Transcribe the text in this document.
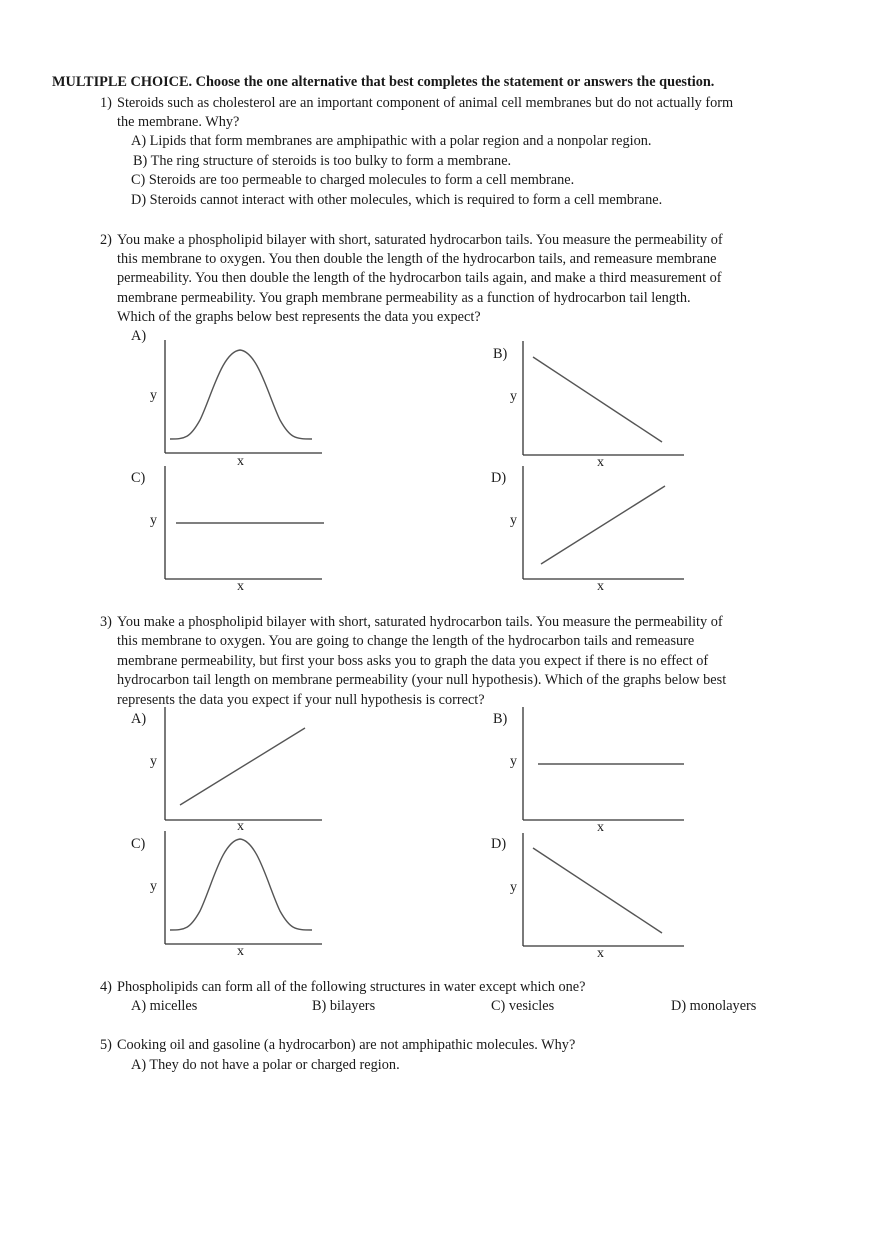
MULTIPLE CHOICE. Choose the one alternative that best completes the statement or answers the question.
1) Steroids such as cholesterol are an important component of animal cell membranes but do not actually form
the membrane. Why?
A) Lipids that form membranes are amphipathic with a polar region and a nonpolar region.
B) The ring structure of steroids is too bulky to form a membrane.
C) Steroids are too permeable to charged molecules to form a cell membrane.
D) Steroids cannot interact with other molecules, which is required to form a cell membrane.
2) You make a phospholipid bilayer with short, saturated hydrocarbon tails. You measure the permeability of
this membrane to oxygen. You then double the length of the hydrocarbon tails, and remeasure membrane
permeability. You then double the length of the hydrocarbon tails again, and make a third measurement of
membrane permeability. You graph membrane permeability as a function of hydrocarbon tail length.
Which of the graphs below best represents the data you expect?
A)
y
x
B)
y
x
C)
y
x
D)
y
x
3) You make a phospholipid bilayer with short, saturated hydrocarbon tails. You measure the permeability of
this membrane to oxygen. You are going to change the length of the hydrocarbon tails and remeasure
membrane permeability, but first your boss asks you to graph the data you expect if there is no effect of
hydrocarbon tail length on membrane permeability (your null hypothesis). Which of the graphs below best
represents the data you expect if your null hypothesis is correct?
A)
y
x
B)
y
x
C)
y
x
D)
y
x
4) Phospholipids can form all of the following structures in water except which one?
A) micelles	B) bilayers	C) vesicles	D) monolayers
5) Cooking oil and gasoline (a hydrocarbon) are not amphipathic molecules. Why?
A) They do not have a polar or charged region.
